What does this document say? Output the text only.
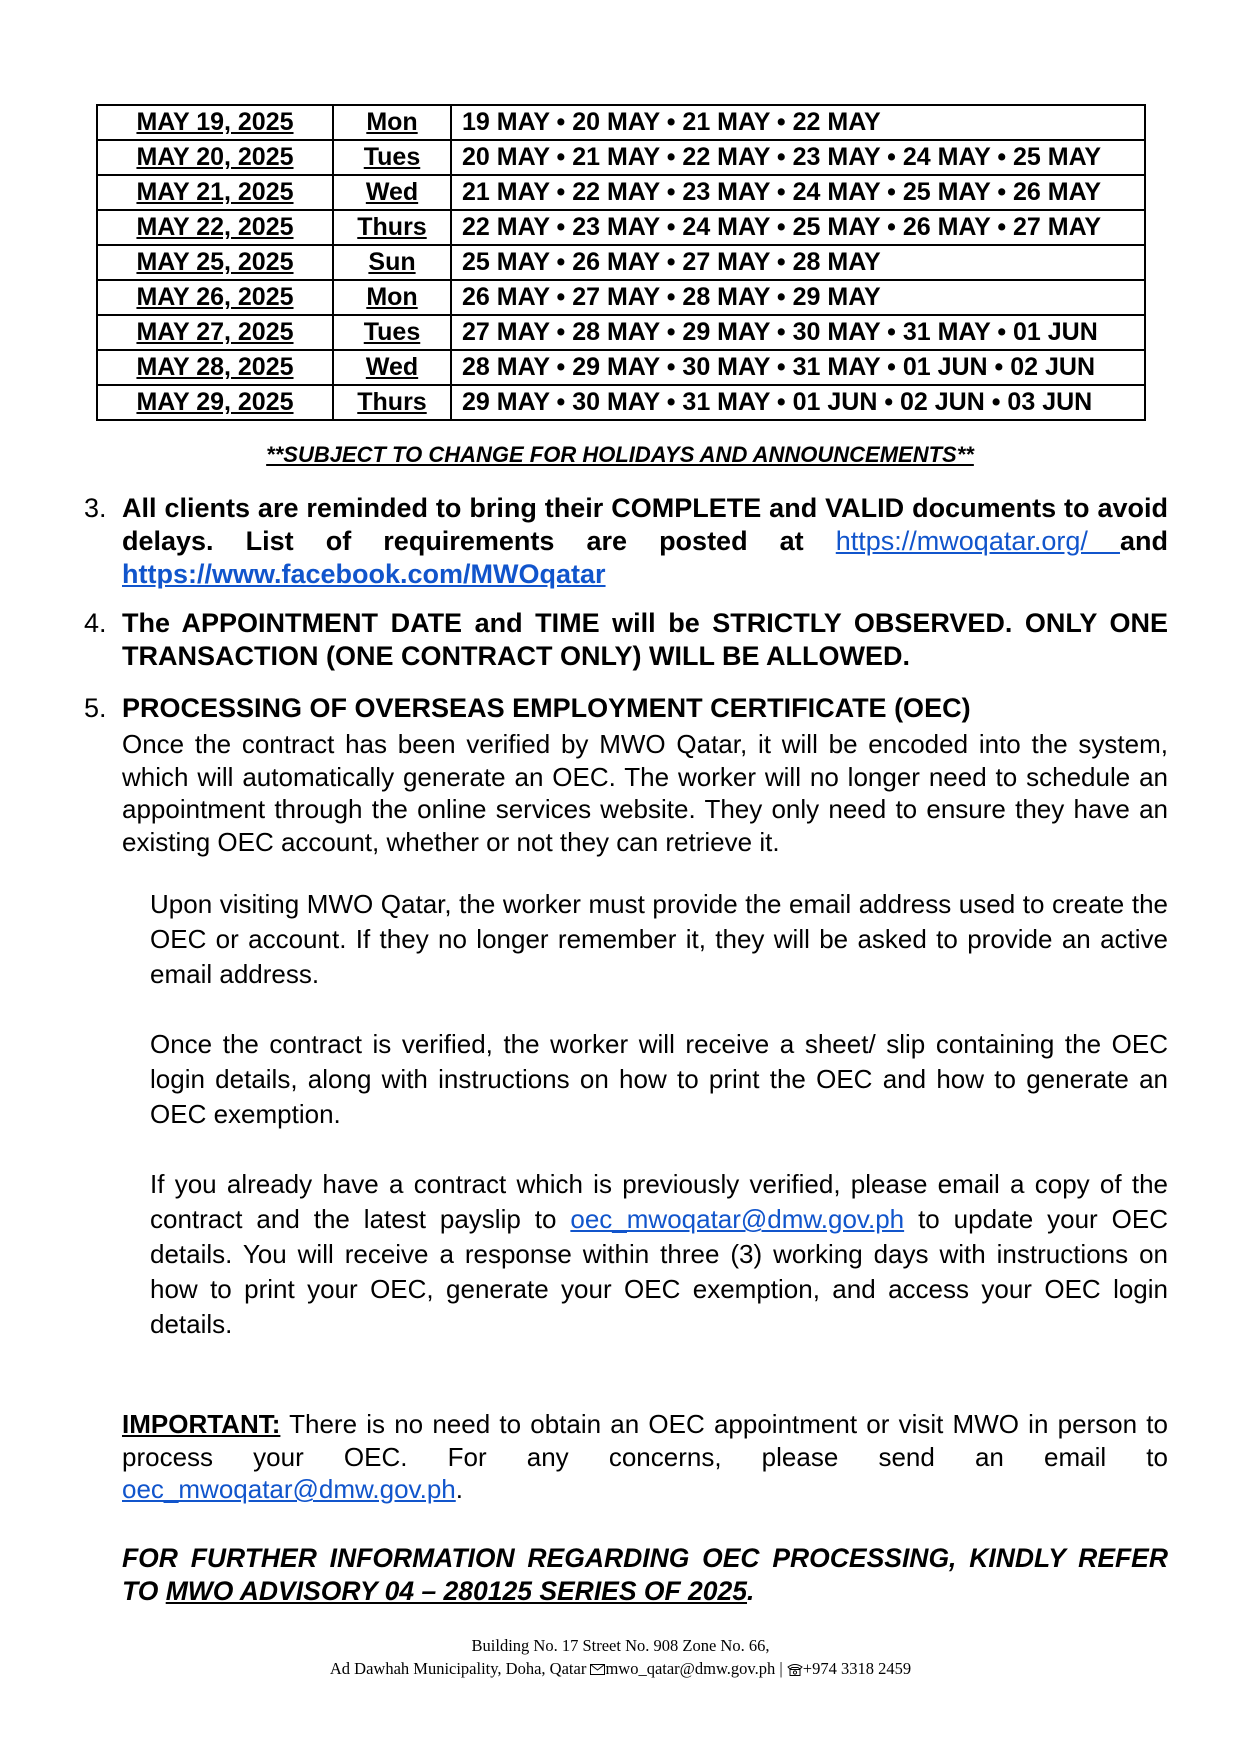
MAY 19, 2025	Mon	19 MAY • 20 MAY • 21 MAY • 22 MAY
MAY 20, 2025	Tues	20 MAY • 21 MAY • 22 MAY • 23 MAY • 24 MAY • 25 MAY
MAY 21, 2025	Wed	21 MAY • 22 MAY • 23 MAY • 24 MAY • 25 MAY • 26 MAY
MAY 22, 2025	Thurs	22 MAY • 23 MAY • 24 MAY • 25 MAY • 26 MAY • 27 MAY
MAY 25, 2025	Sun	25 MAY • 26 MAY • 27 MAY • 28 MAY
MAY 26, 2025	Mon	26 MAY • 27 MAY • 28 MAY • 29 MAY
MAY 27, 2025	Tues	27 MAY • 28 MAY • 29 MAY • 30 MAY • 31 MAY • 01 JUN
MAY 28, 2025	Wed	28 MAY • 29 MAY • 30 MAY • 31 MAY • 01 JUN • 02 JUN
MAY 29, 2025	Thurs	29 MAY • 30 MAY • 31 MAY • 01 JUN • 02 JUN • 03 JUN
**SUBJECT TO CHANGE FOR HOLIDAYS AND ANNOUNCEMENTS**
3. All clients are reminded to bring their COMPLETE and VALID documents to avoid delays. List of requirements are posted at https://mwoqatar.org/ and https://www.facebook.com/MWOqatar
4. The APPOINTMENT DATE and TIME will be STRICTLY OBSERVED. ONLY ONE TRANSACTION (ONE CONTRACT ONLY) WILL BE ALLOWED.
5. PROCESSING OF OVERSEAS EMPLOYMENT CERTIFICATE (OEC)
Once the contract has been verified by MWO Qatar, it will be encoded into the system, which will automatically generate an OEC. The worker will no longer need to schedule an appointment through the online services website. They only need to ensure they have an existing OEC account, whether or not they can retrieve it.
Upon visiting MWO Qatar, the worker must provide the email address used to create the OEC or account. If they no longer remember it, they will be asked to provide an active email address.
Once the contract is verified, the worker will receive a sheet/ slip containing the OEC login details, along with instructions on how to print the OEC and how to generate an OEC exemption.
If you already have a contract which is previously verified, please email a copy of the contract and the latest payslip to oec_mwoqatar@dmw.gov.ph to update your OEC details. You will receive a response within three (3) working days with instructions on how to print your OEC, generate your OEC exemption, and access your OEC login details.
IMPORTANT: There is no need to obtain an OEC appointment or visit MWO in person to process your OEC. For any concerns, please send an email to oec_mwoqatar@dmw.gov.ph.
FOR FURTHER INFORMATION REGARDING OEC PROCESSING, KINDLY REFER TO MWO ADVISORY 04 – 280125 SERIES OF 2025.
Building No. 17 Street No. 908 Zone No. 66,
Ad Dawhah Municipality, Doha, Qatar mwo_qatar@dmw.gov.ph | +974 3318 2459
